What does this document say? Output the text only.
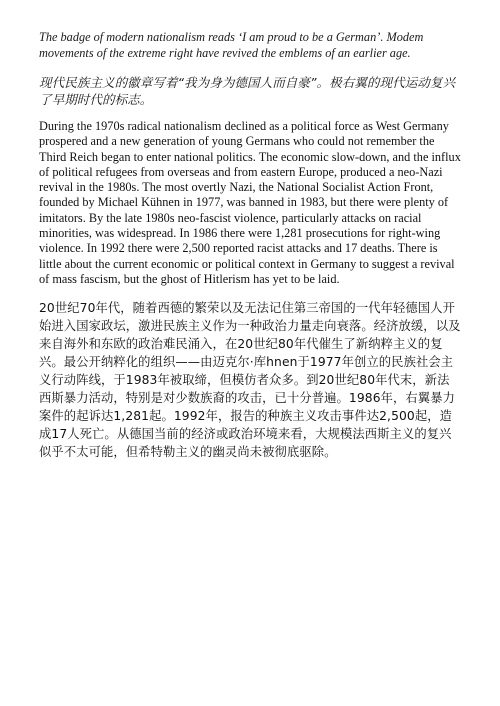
The badge of modern nationalism reads ‘I am proud to be a German’. Modem movements of the extreme right have revived the emblems of an earlier age.

现代民族主义的徽章写着“我为身为德国人而自豪”。极右翼的现代运动复兴了早期时代的标志。

During the 1970s radical nationalism declined as a political force as West Germany prospered and a new generation of young Germans who could not remember the Third Reich began to enter national politics. The economic slow-down, and the influx of political refugees from overseas and from eastern Europe, produced a neo-Nazi revival in the 1980s. The most overtly Nazi, the National Socialist Action Front, founded by Michael Kühnen in 1977, was banned in 1983, but there were plenty of imitators. By the late 1980s neo-fascist violence, particularly attacks on racial minorities, was widespread. In 1986 there were 1,281 prosecutions for right-wing violence. In 1992 there were 2,500 reported racist attacks and 17 deaths. There is little about the current economic or political context in Germany to suggest a revival of mass fascism, but the ghost of Hitlerism has yet to be laid.

20世纪70年代，随着西德的繁荣以及无法记住第三帝国的一代年轻德国人开始进入国家政坛，激进民族主义作为一种政治力量走向衰落。经济放缓，以及来自海外和东欧的政治难民涌入，在20世纪80年代催生了新纳粹主义的复兴。最公开纳粹化的组织——由迈克尔·库hnen于1977年创立的民族社会主义行动阵线，于1983年被取缔，但模仿者众多。到20世纪80年代末，新法西斯暴力活动，特别是对少数族裔的攻击，已十分普遍。1986年，右翼暴力案件的起诉达1,281起。1992年，报告的种族主义攻击事件达2,500起，造成17人死亡。从德国当前的经济或政治环境来看，大规模法西斯主义的复兴似乎不太可能，但希特勒主义的幽灵尚未被彻底驱除。
